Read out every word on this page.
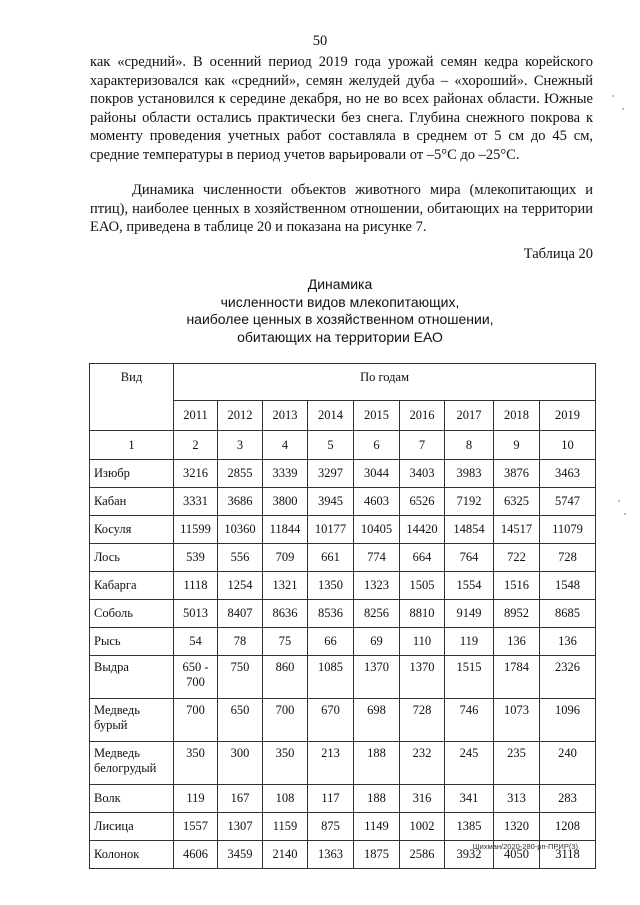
50

как «средний». В осенний период 2019 года урожай семян кедра корейского характеризовался как «средний», семян желудей дуба – «хороший». Снежный покров установился к середине декабря, но не во всех районах области. Южные районы области остались практически без снега. Глубина снежного покрова к моменту проведения учетных работ составляла в среднем от 5 см до 45 см, средние температуры в период учетов варьировали от –5°С до –25°С.

Динамика численности объектов животного мира (млекопитающих и птиц), наиболее ценных в хозяйственном отношении, обитающих на территории ЕАО, приведена в таблице 20 и показана на рисунке 7.

Таблица 20
Динамика
численности видов млекопитающих,
наиболее ценных в хозяйственном отношении,
обитающих на территории ЕАО
Вид	По годам								
	2011	2012	2013	2014	2015	2016	2017	2018	2019
1	2	3	4	5	6	7	8	9	10
Изюбр	3216	2855	3339	3297	3044	3403	3983	3876	3463
Кабан	3331	3686	3800	3945	4603	6526	7192	6325	5747
Косуля	11599	10360	11844	10177	10405	14420	14854	14517	11079
Лось	539	556	709	661	774	664	764	722	728
Кабарга	1118	1254	1321	1350	1323	1505	1554	1516	1548
Соболь	5013	8407	8636	8536	8256	8810	9149	8952	8685
Рысь	54	78	75	66	69	110	119	136	136
Выдра	650 - 700	750	860	1085	1370	1370	1515	1784	2326
Медведь бурый	700	650	700	670	698	728	746	1073	1096
Медведь белогрудый	350	300	350	213	188	232	245	235	240
Волк	119	167	108	117	188	316	341	313	283
Лисица	1557	1307	1159	875	1149	1002	1385	1320	1208
Колонок	4606	3459	2140	1363	1875	2586	3932	4050	3118
Шихман/2020-280-рп-ПРИР(3)
